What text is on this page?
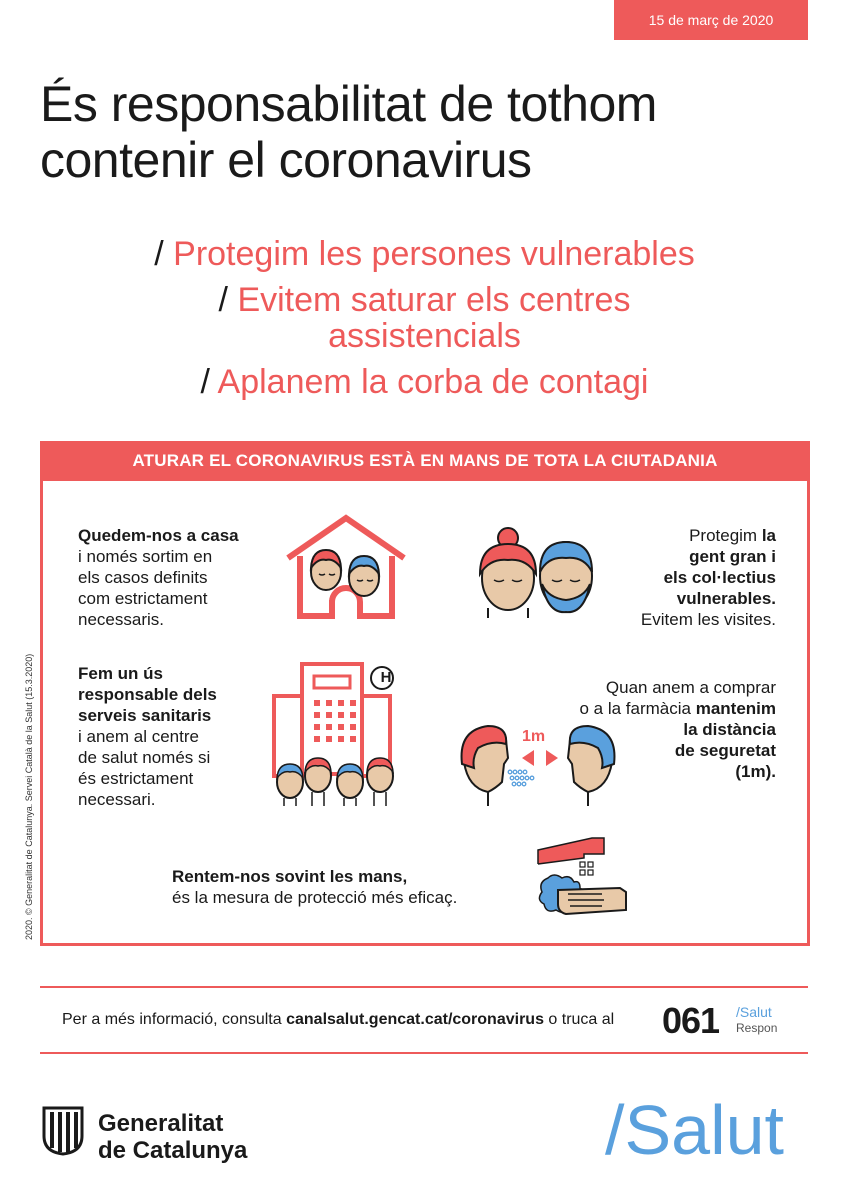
15 de març de 2020
És responsabilitat de tothom
contenir el coronavirus
/ Protegim les persones vulnerables
/ Evitem saturar els centres
assistencials
/ Aplanem la corba de contagi
ATURAR EL CORONAVIRUS ESTÀ EN MANS DE TOTA LA CIUTADANIA
Quedem-nos a casa
i només sortim en
els casos definits
com estrictament
necessaris.
Protegim la
gent gran i
els col·lectius
vulnerables.
Evitem les visites.
Fem un ús
responsable dels
serveis sanitaris
i anem al centre
de salut només si
és estrictament
necessari.
H
Quan anem a comprar
o a la farmàcia mantenim
la distància
de seguretat
(1m).
1m
Rentem-nos sovint les mans,
és la mesura de protecció més eficaç.
Per a més informació, consulta canalsalut.gencat.cat/coronavirus o truca al 061 /Salut
Respon
2020. © Generalitat de Catalunya. Servei Català de la Salut (15.3.2020)
Generalitat
de Catalunya	/Salut
